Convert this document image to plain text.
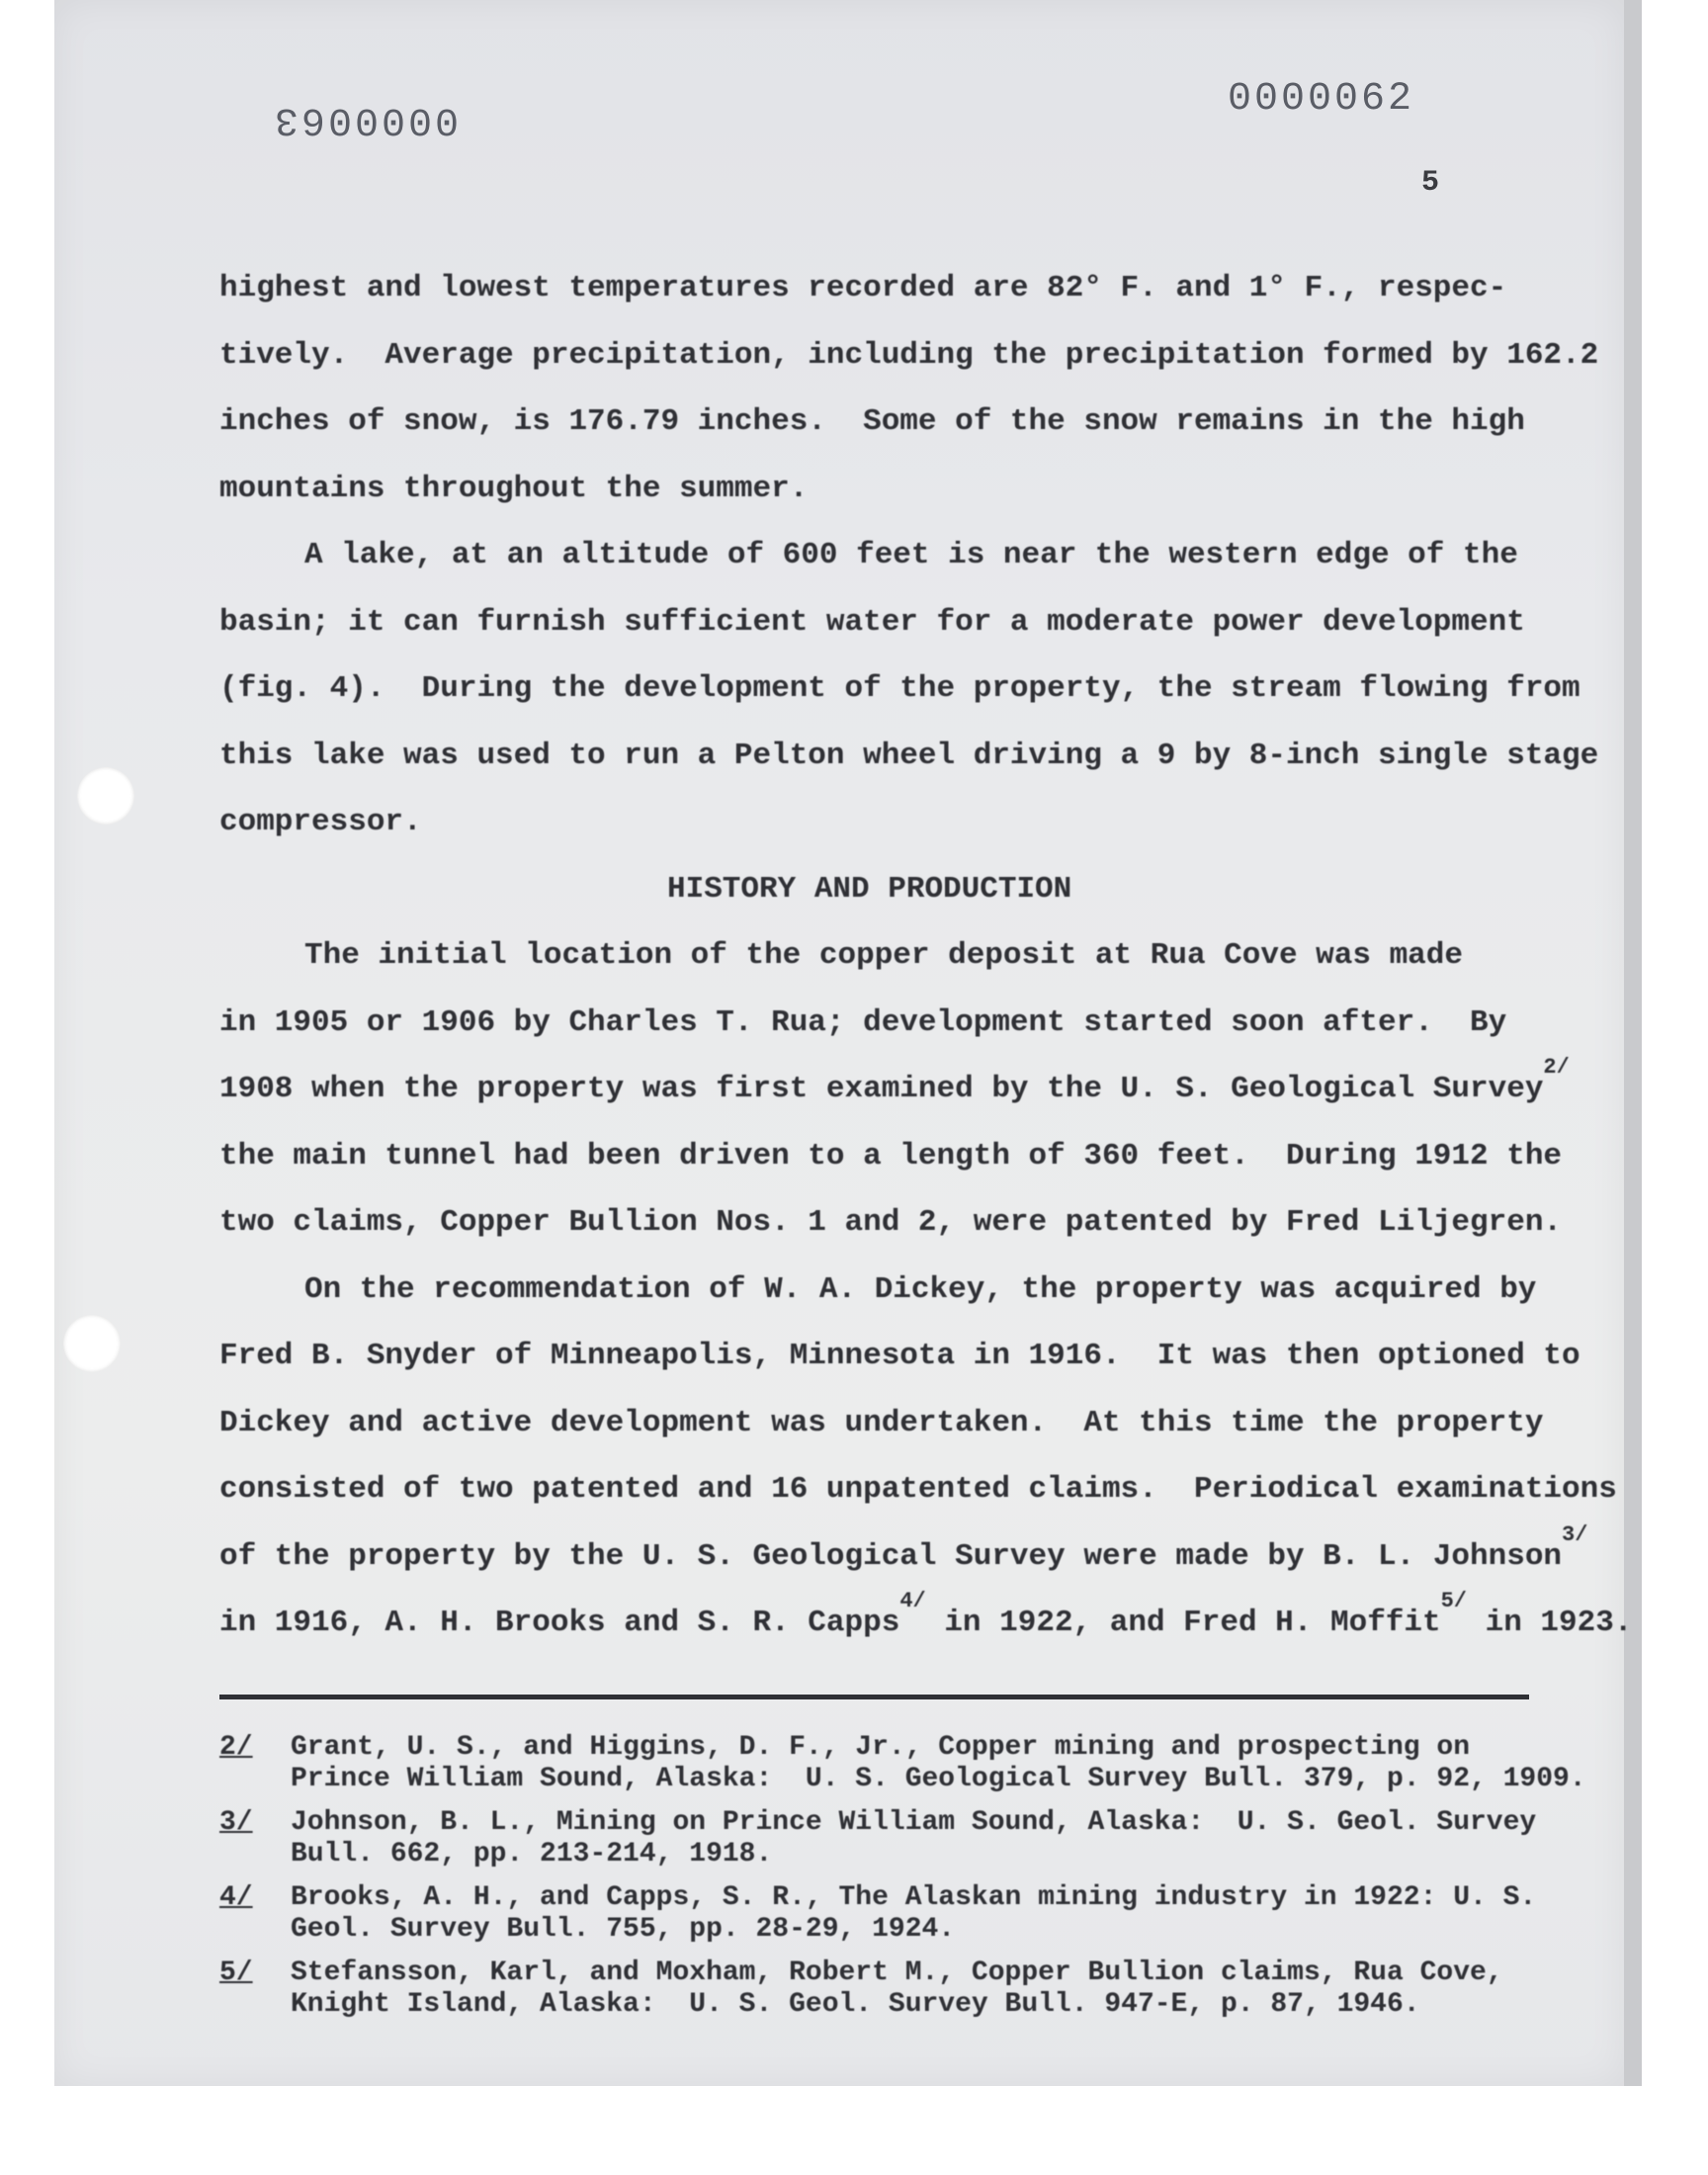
0000063	0000062
5
highest and lowest temperatures recorded are 82° F. and 1° F., respec-
tively.  Average precipitation, including the precipitation formed by 162.2
inches of snow, is 176.79 inches.  Some of the snow remains in the high
mountains throughout the summer.
A lake, at an altitude of 600 feet is near the western edge of the
basin; it can furnish sufficient water for a moderate power development
(fig. 4).  During the development of the property, the stream flowing from
this lake was used to run a Pelton wheel driving a 9 by 8-inch single stage
compressor.
HISTORY AND PRODUCTION
The initial location of the copper deposit at Rua Cove was made
in 1905 or 1906 by Charles T. Rua; development started soon after.  By
1908 when the property was first examined by the U. S. Geological Survey$^{2/}$
the main tunnel had been driven to a length of 360 feet.  During 1912 the
two claims, Copper Bullion Nos. 1 and 2, were patented by Fred Liljegren.
On the recommendation of W. A. Dickey, the property was acquired by
Fred B. Snyder of Minneapolis, Minnesota in 1916.  It was then optioned to
Dickey and active development was undertaken.  At this time the property
consisted of two patented and 16 unpatented claims.  Periodical examinations
of the property by the U. S. Geological Survey were made by B. L. Johnson$^{3/}$
in 1916, A. H. Brooks and S. R. Capps$^{4/}$ in 1922, and Fred H. Moffit$^{5/}$ in 1923.
2/	Grant, U. S., and Higgins, D. F., Jr., Copper mining and prospecting on
Prince William Sound, Alaska:  U. S. Geological Survey Bull. 379, p. 92, 1909.
3/	Johnson, B. L., Mining on Prince William Sound, Alaska:  U. S. Geol. Survey
Bull. 662, pp. 213-214, 1918.
4/	Brooks, A. H., and Capps, S. R., The Alaskan mining industry in 1922: U. S.
Geol. Survey Bull. 755, pp. 28-29, 1924.
5/	Stefansson, Karl, and Moxham, Robert M., Copper Bullion claims, Rua Cove,
Knight Island, Alaska:  U. S. Geol. Survey Bull. 947-E, p. 87, 1946.
